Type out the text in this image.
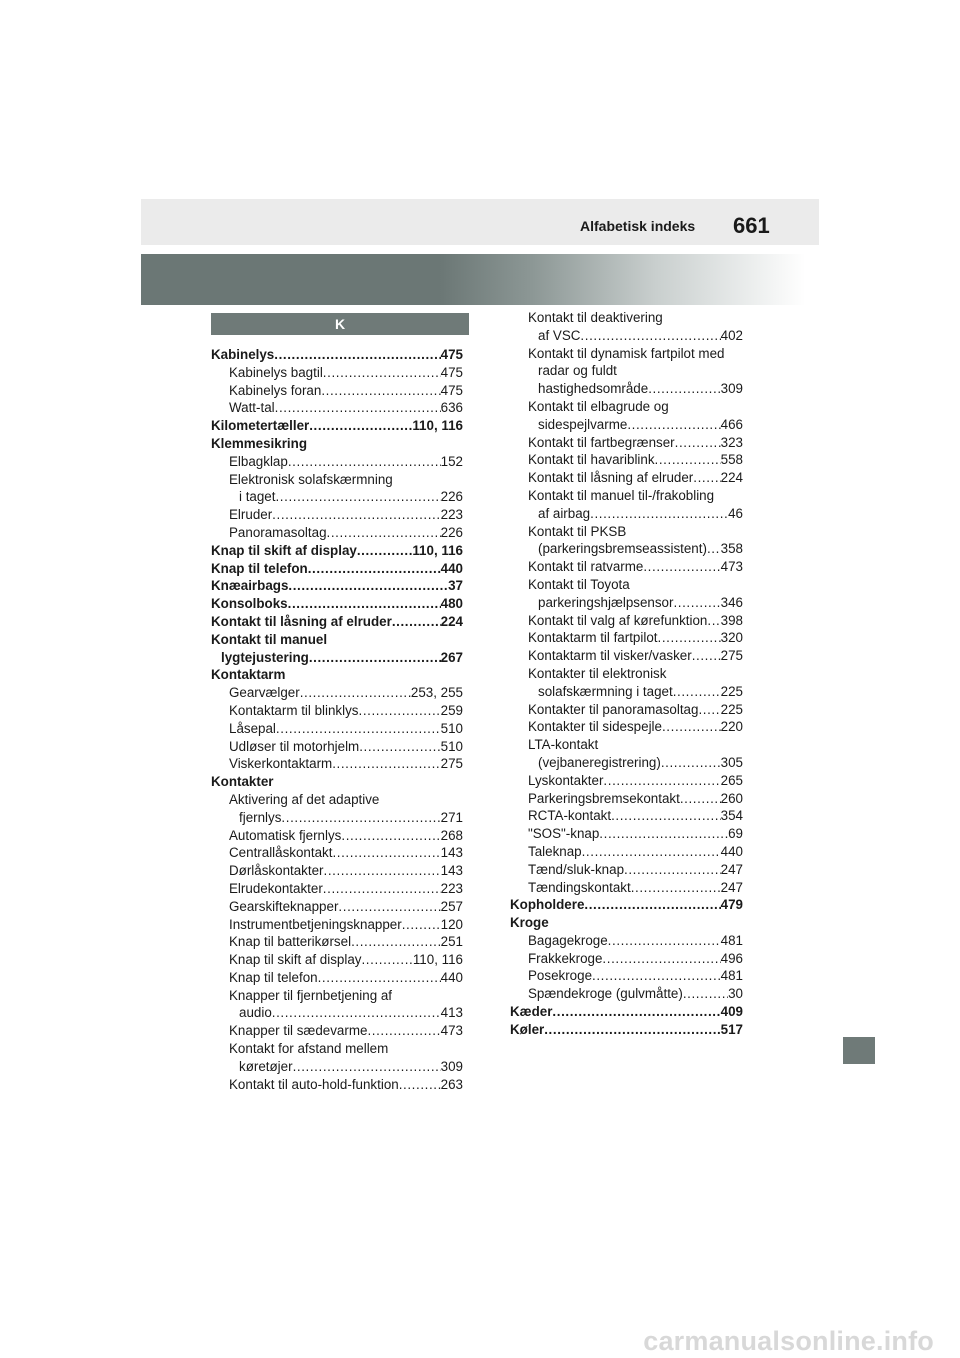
Alfabetisk indeks 661
K
Kabinelys .....	475
Kabinelys bagtil .....	475
Kabinelys foran .....	475
Watt-tal .....	636
Kilometertæller .....	110, 116
Klemmesikring
Elbagklap .....	152
Elektronisk solafskærmning
i taget .....	226
Elruder .....	223
Panoramasoltag .....	226
Knap til skift af display .....	110, 116
Knap til telefon .....	440
Knæairbags .....	37
Konsolboks .....	480
Kontakt til låsning af elruder .....	224
Kontakt til manuel
lygtejustering .....	267
Kontaktarm
Gearvælger .....	253, 255
Kontaktarm til blinklys .....	259
Låsepal .....	510
Udløser til motorhjelm .....	510
Viskerkontaktarm .....	275
Kontakter
Aktivering af det adaptive
fjernlys .....	271
Automatisk fjernlys .....	268
Centrallåskontakt .....	143
Dørlåskontakter .....	143
Elrudekontakter .....	223
Gearskifteknapper .....	257
Instrumentbetjeningsknapper .....	120
Knap til batterikørsel .....	251
Knap til skift af display .....	110, 116
Knap til telefon .....	440
Knapper til fjernbetjening af
audio .....	413
Knapper til sædevarme .....	473
Kontakt for afstand mellem
køretøjer .....	309
Kontakt til auto-hold-funktion .....	263
Kontakt til deaktivering
af VSC .....	402
Kontakt til dynamisk fartpilot med
radar og fuldt
hastighedsområde .....	309
Kontakt til elbagrude og
sidespejlvarme .....	466
Kontakt til fartbegrænser .....	323
Kontakt til havariblink .....	558
Kontakt til låsning af elruder ..... 224
Kontakt til manuel til-/frakobling
af airbag .....	46
Kontakt til PKSB
(parkeringsbremseassistent) ..... 358
Kontakt til ratvarme .....	473
Kontakt til Toyota
parkeringshjælpsensor .....	346
Kontakt til valg af kørefunktion ..... 398
Kontaktarm til fartpilot .....	320
Kontaktarm til visker/vasker ..... 275
Kontakter til elektronisk
solafskærmning i taget .....	225
Kontakter til panoramasoltag ..... 225
Kontakter til sidespejle .....	220
LTA-kontakt
(vejbaneregistrering) .....	305
Lyskontakter .....	265
Parkeringsbremsekontakt .....	260
RCTA-kontakt .....	354
"SOS"-knap .....	69
Taleknap .....	440
Tænd/sluk-knap .....	247
Tændingskontakt .....	247
Kopholdere .....	479
Kroge
Bagagekroge .....	481
Frakkekroge .....	496
Posekroge .....	481
Spændekroge (gulvmåtte) .....	30
Kæder .....	409
Køler .....	517
carmanualsonline.info
